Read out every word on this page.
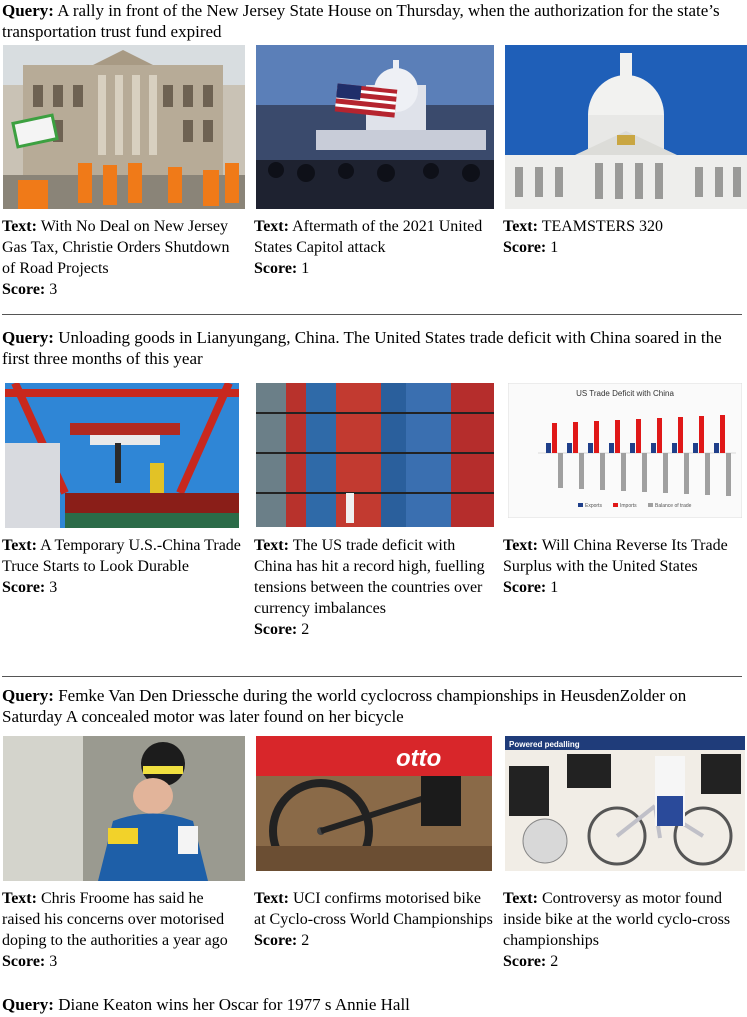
Query: A rally in front of the New Jersey State House on Thursday, when the authorization for the state’s transportation trust fund expired
Text: With No Deal on New Jersey Gas Tax, Christie Orders Shutdown of Road Projects
Score: 3
Text: Aftermath of the 2021 United States Capitol attack
Score: 1
Text: TEAMSTERS 320
Score: 1
Query: Unloading goods in Lianyungang, China. The United States trade deficit with China soared in the first three months of this year
US Trade Deficit with China
Exports	Imports	Balance of trade
Text: A Temporary U.S.-China Trade Truce Starts to Look Durable
Score: 3
Text: The US trade deficit with China has hit a record high, fuelling tensions between the countries over currency imbalances
Score: 2
Text: Will China Reverse Its Trade Surplus with the United States
Score: 1
Query: Femke Van Den Driessche during the world cyclocross championships in HeusdenZolder on Saturday A concealed motor was later found on her bicycle
otto
Powered pedalling
Text: Chris Froome has said he raised his concerns over motorised doping to the authorities a year ago
Score: 3
Text: UCI confirms motorised bike at Cyclo-cross World Championships
Score: 2
Text: Controversy as motor found inside bike at the world cyclo-cross championships
Score: 2
Query: Diane Keaton wins her Oscar for 1977 s Annie Hall
